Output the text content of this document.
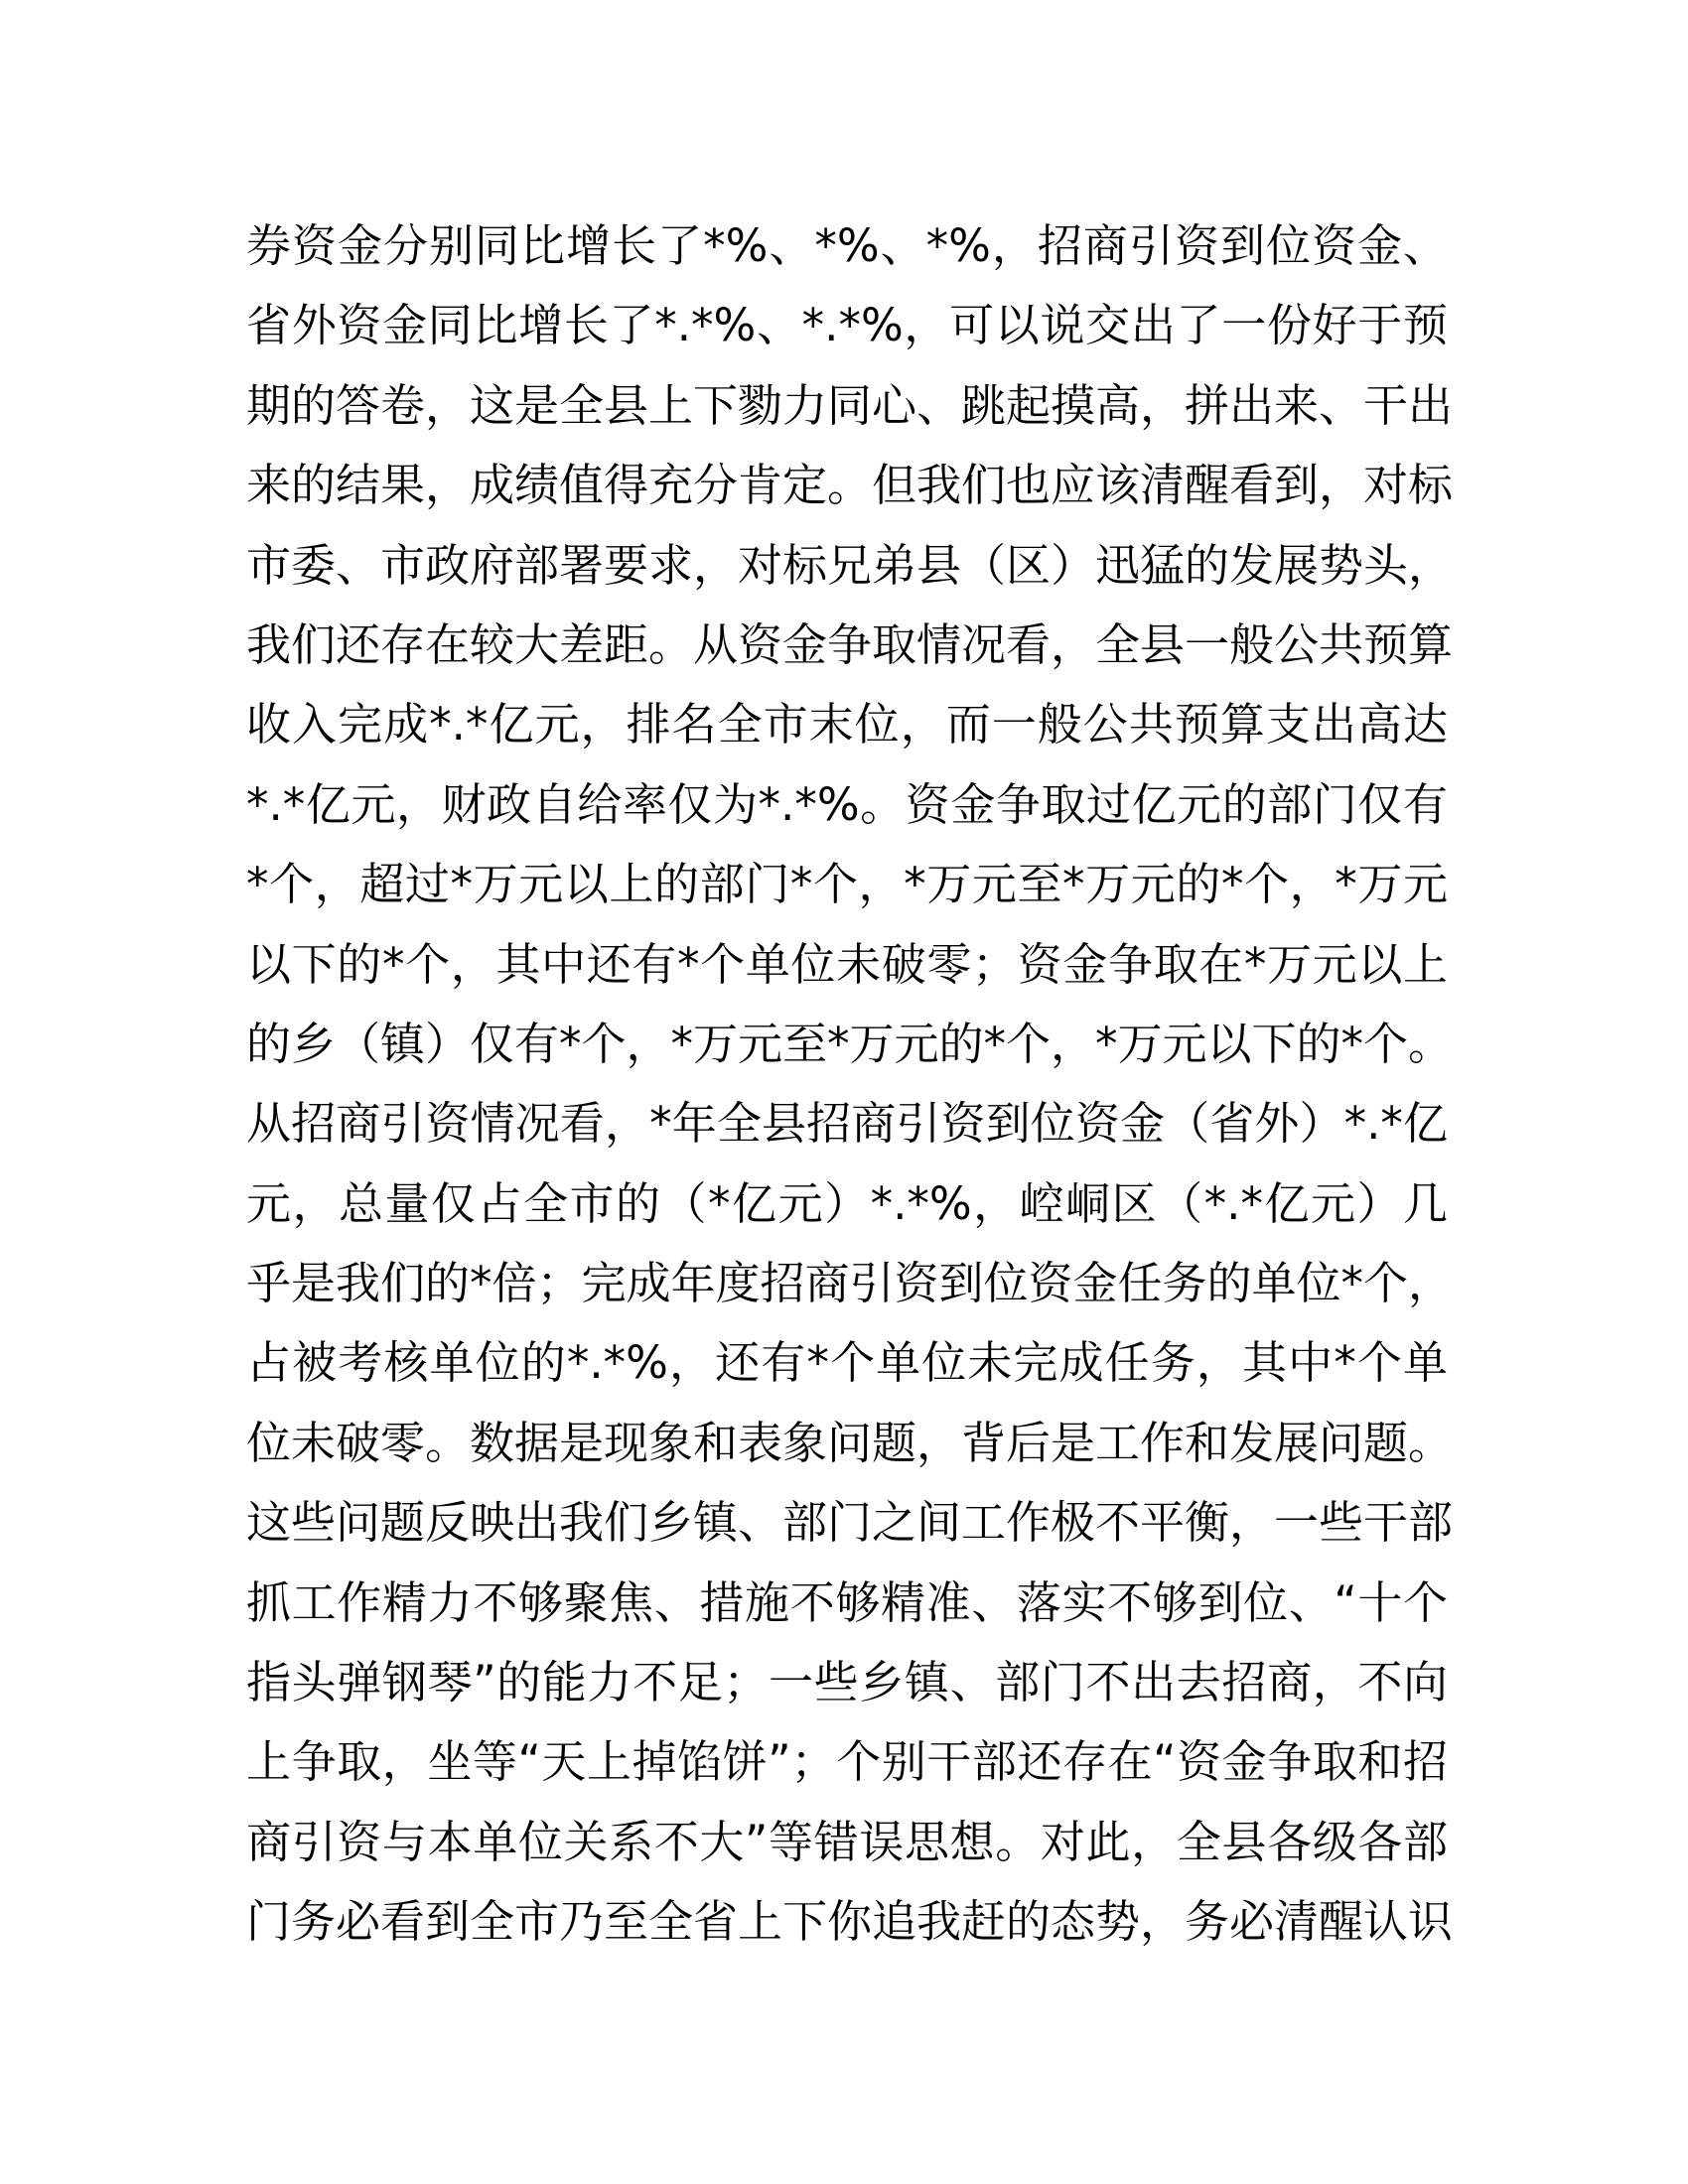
券资金分别同比增长了*%、*%、*%，招商引资到位资金、
省外资金同比增长了*.*%、*.*%，可以说交出了一份好于预
期的答卷，这是全县上下勠力同心、跳起摸高，拼出来、干出
来的结果，成绩值得充分肯定。但我们也应该清醒看到，对标
市委、市政府部署要求，对标兄弟县（区）迅猛的发展势头，
我们还存在较大差距。从资金争取情况看，全县一般公共预算
收入完成*.*亿元，排名全市末位，而一般公共预算支出高达
*.*亿元，财政自给率仅为*.*%。资金争取过亿元的部门仅有
*个，超过*万元以上的部门*个，*万元至*万元的*个，*万元
以下的*个，其中还有*个单位未破零；资金争取在*万元以上
的乡（镇）仅有*个，*万元至*万元的*个，*万元以下的*个。
从招商引资情况看，*年全县招商引资到位资金（省外）*.*亿
元，总量仅占全市的（*亿元）*.*%，崆峒区（*.*亿元）几
乎是我们的*倍；完成年度招商引资到位资金任务的单位*个，
占被考核单位的*.*%，还有*个单位未完成任务，其中*个单
位未破零。数据是现象和表象问题，背后是工作和发展问题。
这些问题反映出我们乡镇、部门之间工作极不平衡，一些干部
抓工作精力不够聚焦、措施不够精准、落实不够到位、“十个
指头弹钢琴”的能力不足；一些乡镇、部门不出去招商，不向
上争取，坐等“天上掉馅饼”；个别干部还存在“资金争取和招
商引资与本单位关系不大”等错误思想。对此，全县各级各部
门务必看到全市乃至全省上下你追我赶的态势，务必清醒认识
